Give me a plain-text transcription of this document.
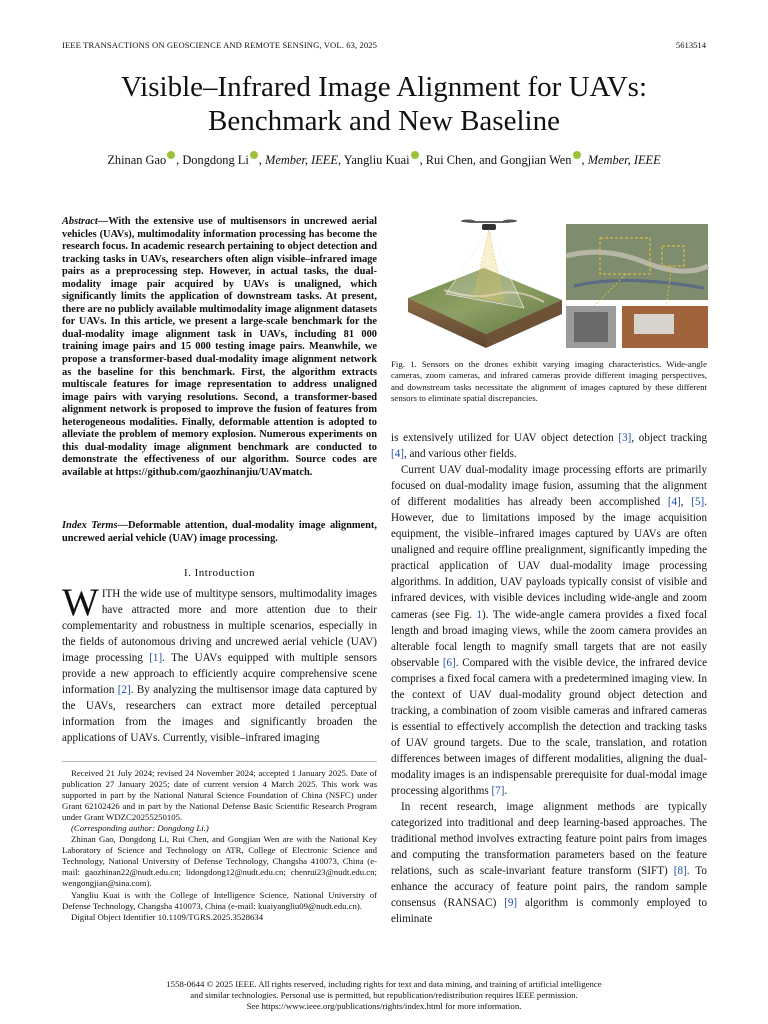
IEEE TRANSACTIONS ON GEOSCIENCE AND REMOTE SENSING, VOL. 63, 2025	5613514
Visible–Infrared Image Alignment for UAVs:
Benchmark and New Baseline
Zhinan Gao , Dongdong Li , Member, IEEE, Yangliu Kuai , Rui Chen, and Gongjian Wen , Member, IEEE
Abstract—With the extensive use of multisensors in uncrewed aerial vehicles (UAVs), multimodality information processing has become the research focus. In academic research pertaining to object detection and tracking tasks in UAVs, researchers often align visible–infrared image pairs as a preprocessing step. However, in actual tasks, the dual-modality image pair acquired by UAVs is unaligned, which significantly limits the application of downstream tasks. At present, there are no publicly available multimodality image alignment datasets for UAVs. In this article, we present a large-scale benchmark for the dual-modality image alignment task in UAVs, including 81 000 training image pairs and 15 000 testing image pairs. Meanwhile, we propose a transformer-based dual-modality image alignment network as the baseline for this benchmark. First, the algorithm extracts multiscale features for image representation to address unaligned image pairs with varying resolutions. Second, a transformer-based alignment network is proposed to improve the fusion of features from heterogeneous modalities. Finally, deformable attention is adopted to alleviate the problem of memory explosion. Numerous experiments on this dual-modality image alignment benchmark are conducted to demonstrate the effectiveness of our algorithm. Source codes are available at https://github.com/gaozhinanjiu/UAVmatch.
Index Terms—Deformable attention, dual-modality image alignment, uncrewed aerial vehicle (UAV) image processing.
I. Introduction
WITH the wide use of multitype sensors, multimodality images have attracted more and more attention due to their complementarity and robustness in multiple scenarios, especially in the fields of autonomous driving and uncrewed aerial vehicle (UAV) image processing [1]. The UAVs equipped with multiple sensors provide a new approach to efficiently acquire comprehensive scene information [2]. By analyzing the multisensor image data captured by the UAVs, researchers can extract more detailed perceptual information from the images and significantly broaden the applications of UAVs. Currently, visible–infrared imaging

Received 21 July 2024; revised 24 November 2024; accepted 1 January 2025. Date of publication 27 January 2025; date of current version 4 March 2025. This work was supported in part by the National Natural Science Foundation of China (NSFC) under Grant 62102426 and in part by the National Defense Basic Scientific Research Program under Grant WDZC20255250105.

(Corresponding author: Dongdong Li.)

Zhinan Gao, Dongdong Li, Rui Chen, and Gongjian Wen are with the National Key Laboratory of Science and Technology on ATR, College of Electronic Science and Technology, National University of Defense Technology, Changsha 410073, China (e-mail: gaozhinan22@nudt.edu.cn; lidongdong12@nudt.edu.cn; chenrui23@nudt.edu.cn; wengongjian@sina.com).

Yangliu Kuai is with the College of Intelligence Science, National University of Defense Technology, Changsha 410073, China (e-mail: kuaiyangliu09@nudt.edu.cn).

Digital Object Identifier 10.1109/TGRS.2025.3528634

Fig. 1. Sensors on the drones exhibit varying imaging characteristics. Wide-angle cameras, zoom cameras, and infrared cameras provide different imaging perspectives, and downstream tasks necessitate the alignment of images captured by these different sensors to eliminate spatial discrepancies.

is extensively utilized for UAV object detection [3], object tracking [4], and various other fields.

Current UAV dual-modality image processing efforts are primarily focused on dual-modality image fusion, assuming that the alignment of different modalities has already been accomplished [4], [5]. However, due to limitations imposed by the image acquisition equipment, the visible–infrared images captured by UAVs are often unaligned and require offline prealignment, significantly impeding the practical application of UAV dual-modality image processing algorithms. In addition, UAV payloads typically consist of visible and infrared devices, with visible devices including wide-angle and zoom cameras (see Fig. 1). The wide-angle camera provides a fixed focal length and broad imaging views, while the zoom camera provides an alterable focal length to magnify small targets that are not easily observable [6]. Compared with the visible device, the infrared device comprises a fixed focal camera with a predetermined imaging view. In the context of UAV dual-modality ground object detection and tracking, a combination of zoom visible cameras and infrared cameras is essential to effectively accomplish the detection and tracking tasks of UAV ground targets. Due to the scale, translation, and rotation differences between images of different modalities, aligning the dual-modality images is an indispensable prerequisite for dual-modal image processing algorithms [7].

In recent research, image alignment methods are typically categorized into traditional and deep learning-based approaches. The traditional method involves extracting feature point pairs from images and computing the transformation parameters based on the feature relations, such as scale-invariant feature transform (SIFT) [8]. To enhance the accuracy of feature point pairs, the random sample consensus (RANSAC) [9] algorithm is commonly employed to eliminate

1558-0644 © 2025 IEEE. All rights reserved, including rights for text and data mining, and training of artificial intelligence
and similar technologies. Personal use is permitted, but republication/redistribution requires IEEE permission.
See https://www.ieee.org/publications/rights/index.html for more information.
